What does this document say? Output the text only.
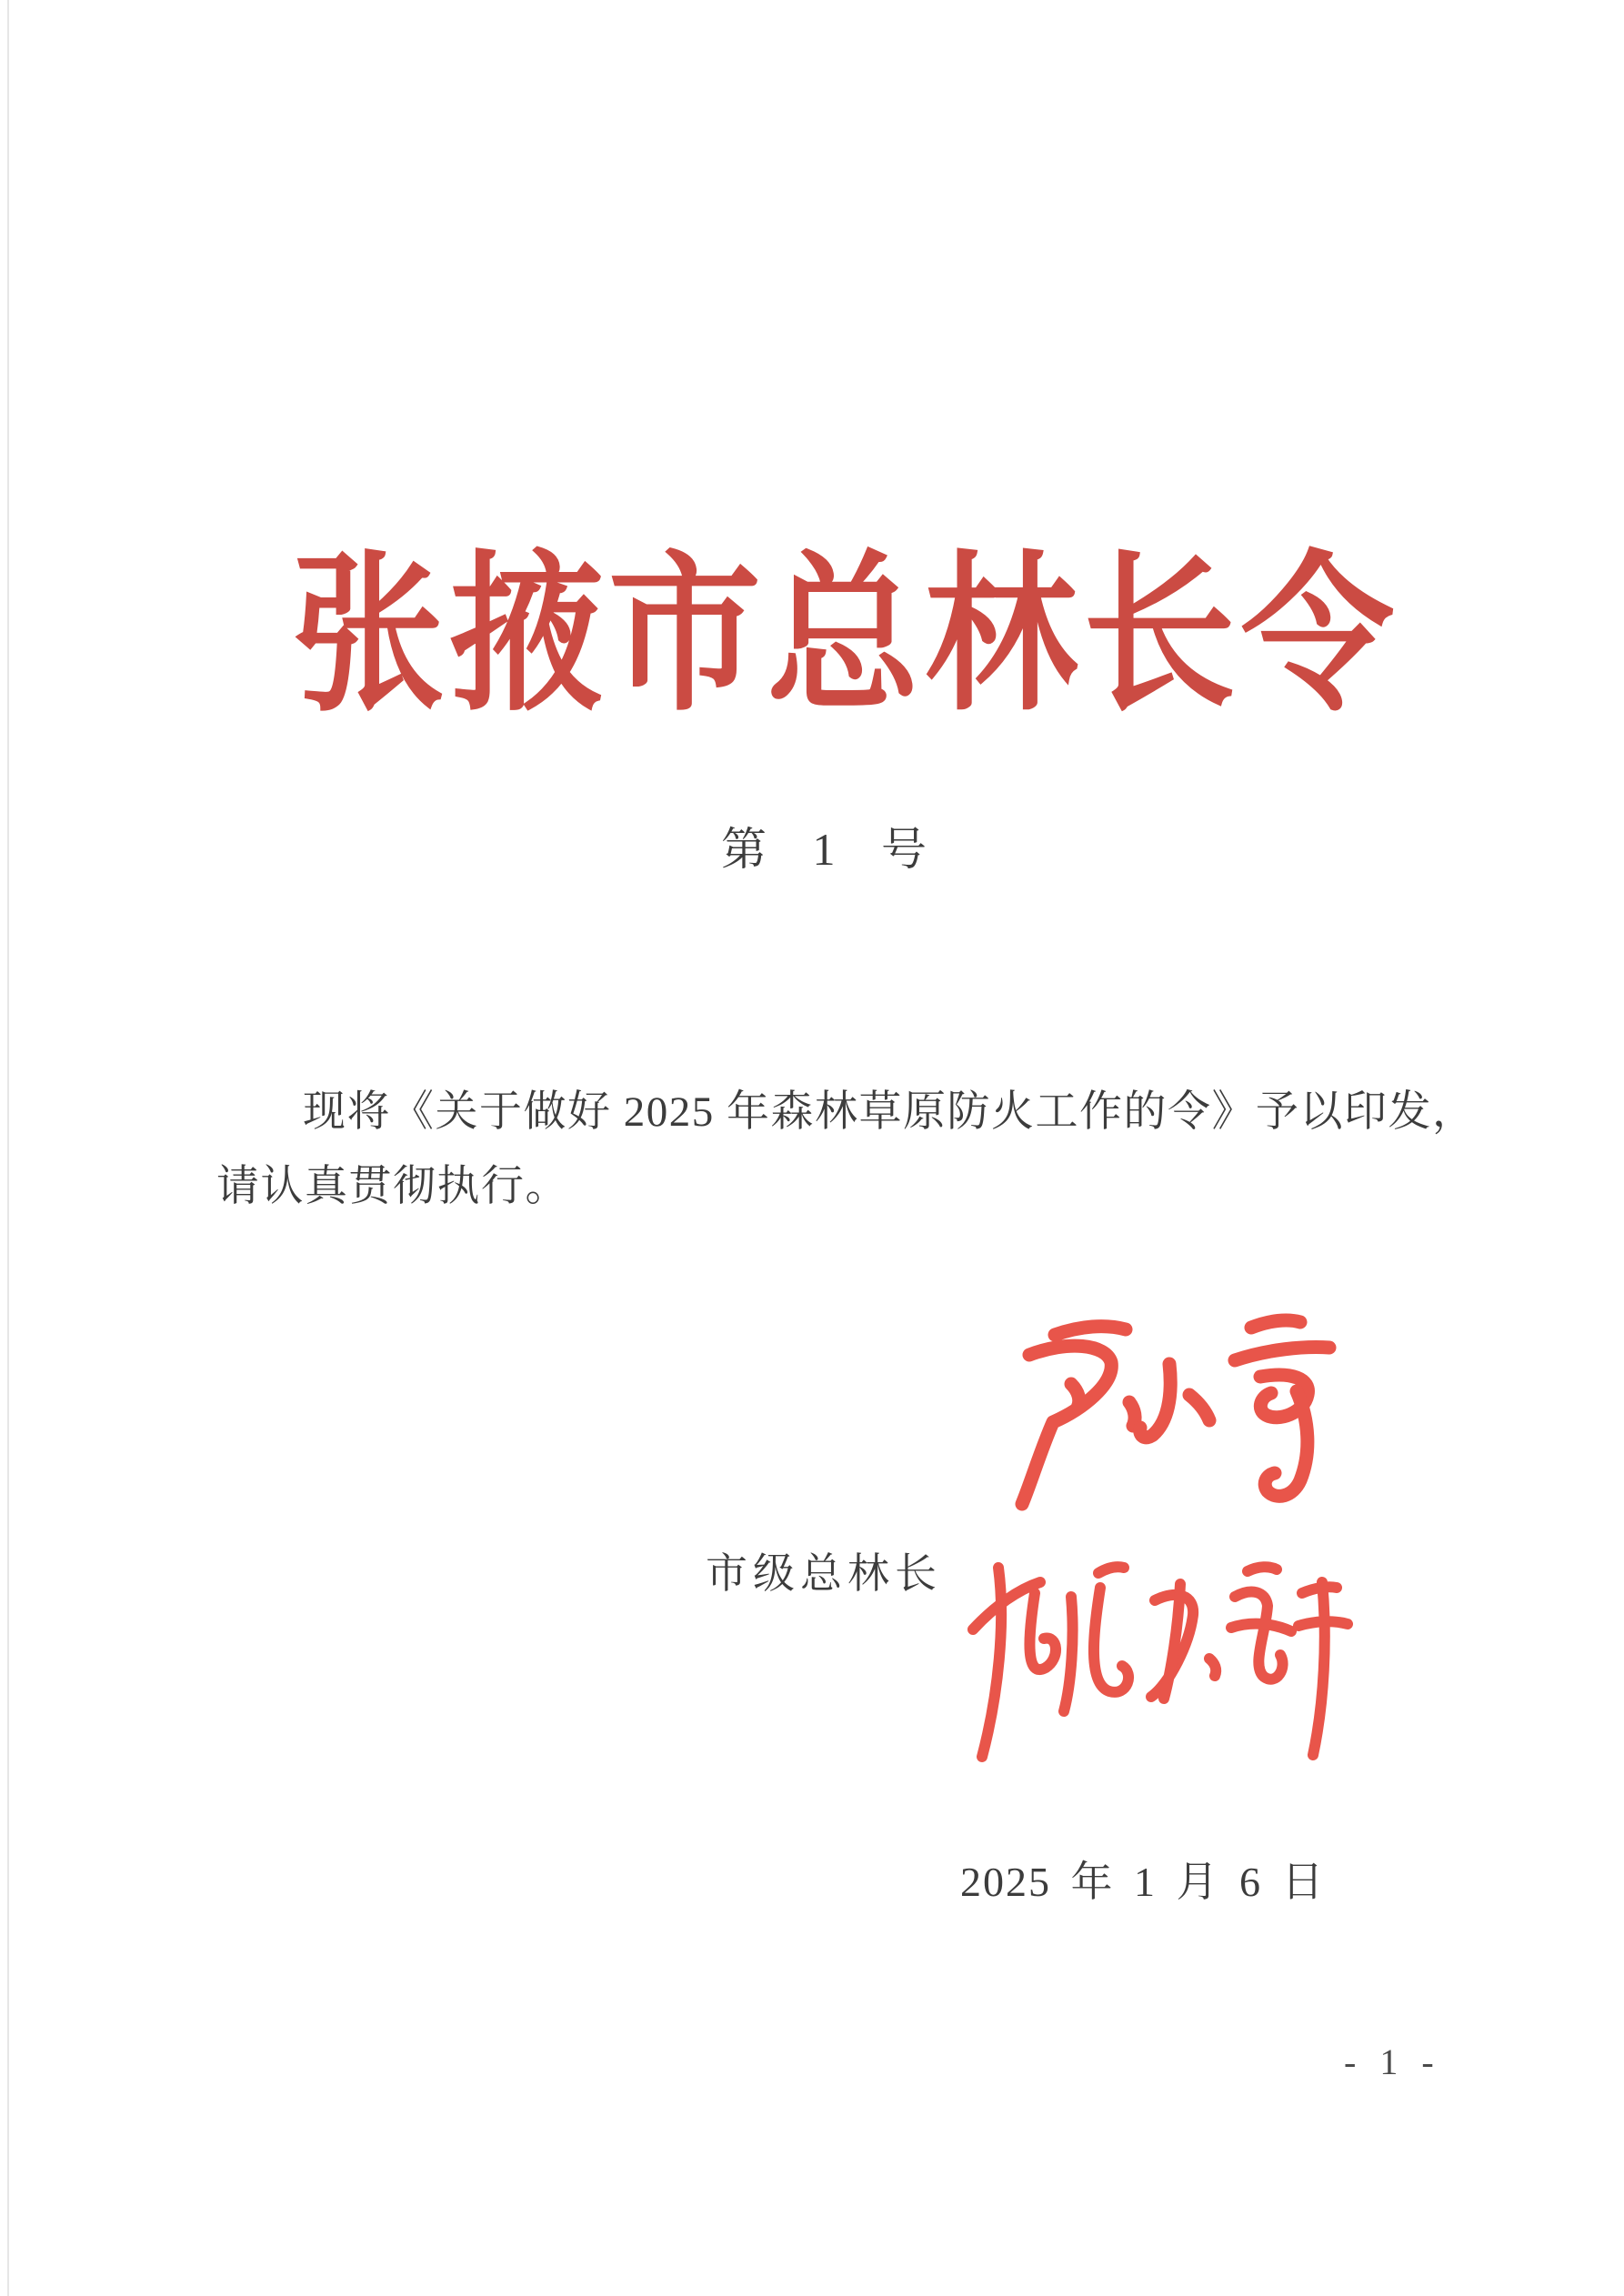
张掖市总林长令
第 1 号

现将《关于做好 2025 年森林草原防火工作的令》予以印发，

请认真贯彻执行。

市级总林长
2025 年 1 月 6 日
- 1 -
